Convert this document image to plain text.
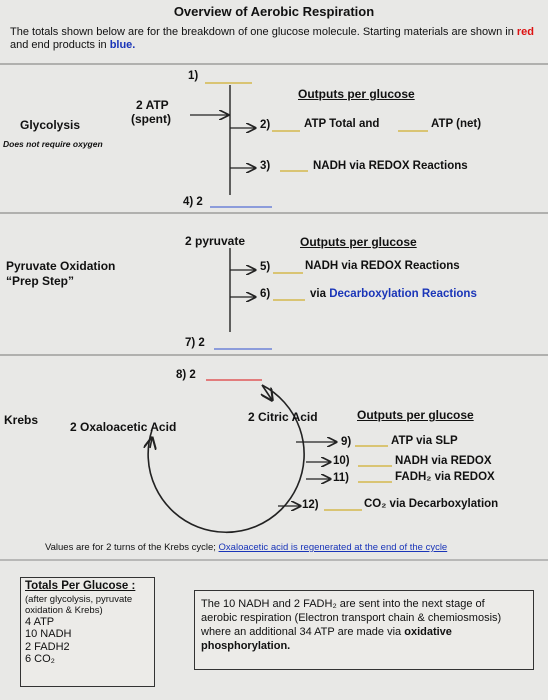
Overview of Aerobic Respiration
The totals shown below are for the breakdown of one glucose molecule. Starting materials are shown in red and end products in blue.
Glycolysis
Does not require oxygen
2 ATP
(spent)
1)
Outputs per glucose
2)	ATP Total and	ATP (net)
3)	NADH via REDOX Reactions
4) 2
Pyruvate Oxidation
“Prep Step”
2 pyruvate	Outputs per glucose
5)	NADH via REDOX Reactions
6)	via Decarboxylation Reactions
7) 2
Krebs
8) 2
2 Oxaloacetic Acid
2 Citric Acid	Outputs per glucose
9)	ATP via SLP
10)	NADH via REDOX
11)	FADH₂ via REDOX
12)	CO₂ via Decarboxylation
Values are for 2 turns of the Krebs cycle; Oxaloacetic acid is regenerated at the end of the cycle
Totals Per Glucose :
(after glycolysis, pyruvate
oxidation & Krebs)
4 ATP
10 NADH
2 FADH2
6 CO₂
The 10 NADH and 2 FADH₂ are sent into the next stage of
aerobic respiration (Electron transport chain & chemiosmosis)
where an additional 34 ATP are made via oxidative
phosphorylation.
